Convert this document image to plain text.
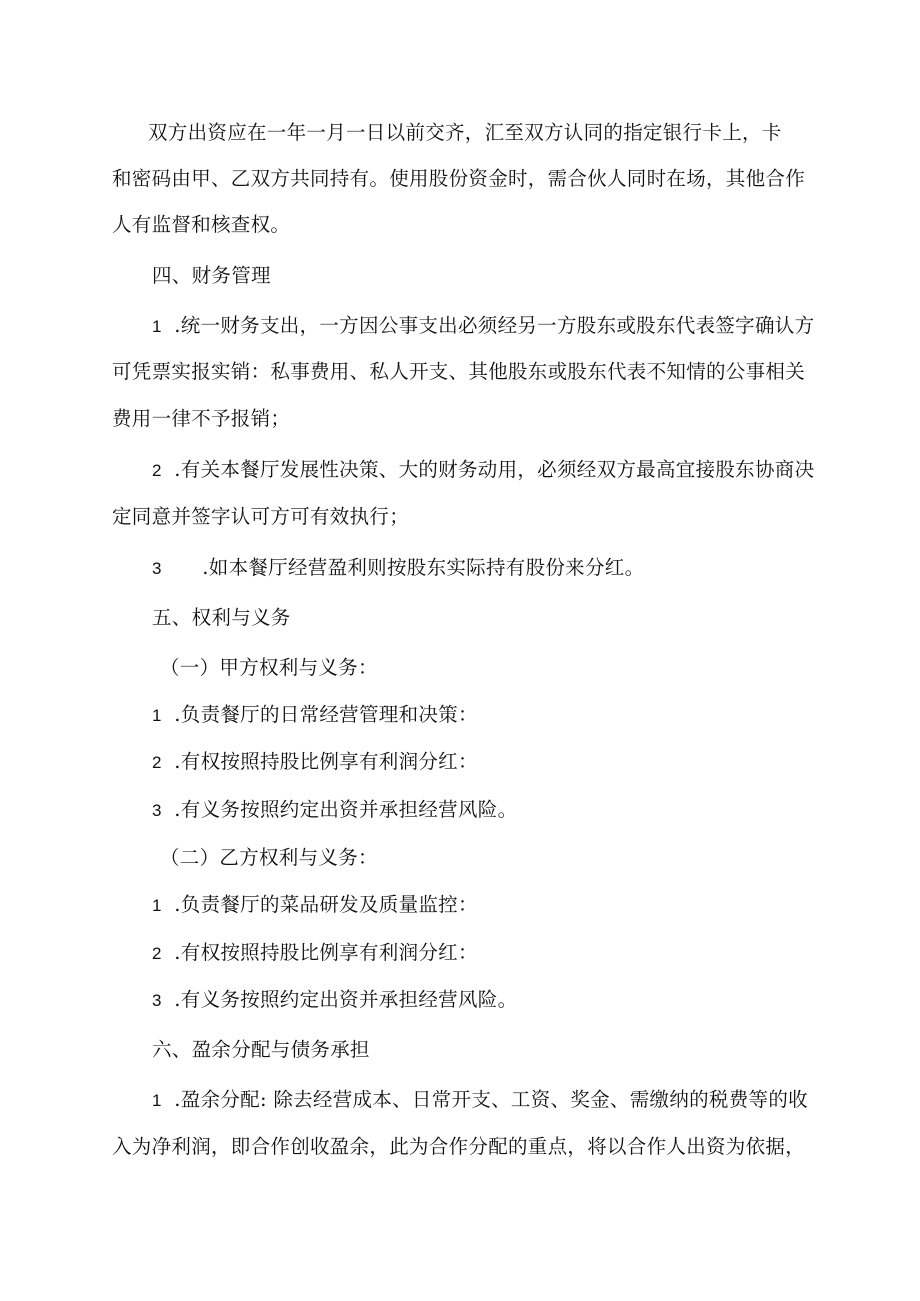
双方出资应在一年一月一日以前交齐，汇至双方认同的指定银行卡上，卡
和密码由甲、乙双方共同持有。使用股份资金时，需合伙人同时在场，其他合作
人有监督和核查权。
四、财务管理
1 .统一财务支出，一方因公事支出必须经另一方股东或股东代表签字确认方
可凭票实报实销：私事费用、私人开支、其他股东或股东代表不知情的公事相关
费用一律不予报销；
2 .有关本餐厅发展性决策、大的财务动用，必须经双方最高宜接股东协商决
定同意并签字认可方可有效执行；
3 .如本餐厅经营盈利则按股东实际持有股份来分红。
五、权利与义务
（一）甲方权利与义务：
1 .负责餐厅的日常经营管理和决策：
2 .有权按照持股比例享有利润分红：
3 .有义务按照约定出资并承担经营风险。
（二）乙方权利与义务：
1 .负责餐厅的菜品研发及质量监控：
2 .有权按照持股比例享有利润分红：
3 .有义务按照约定出资并承担经营风险。
六、盈余分配与债务承担
1 .盈余分配: 除去经营成本、日常开支、工资、奖金、需缴纳的税费等的收
入为净利润，即合作创收盈余，此为合作分配的重点，将以合作人出资为依据，
